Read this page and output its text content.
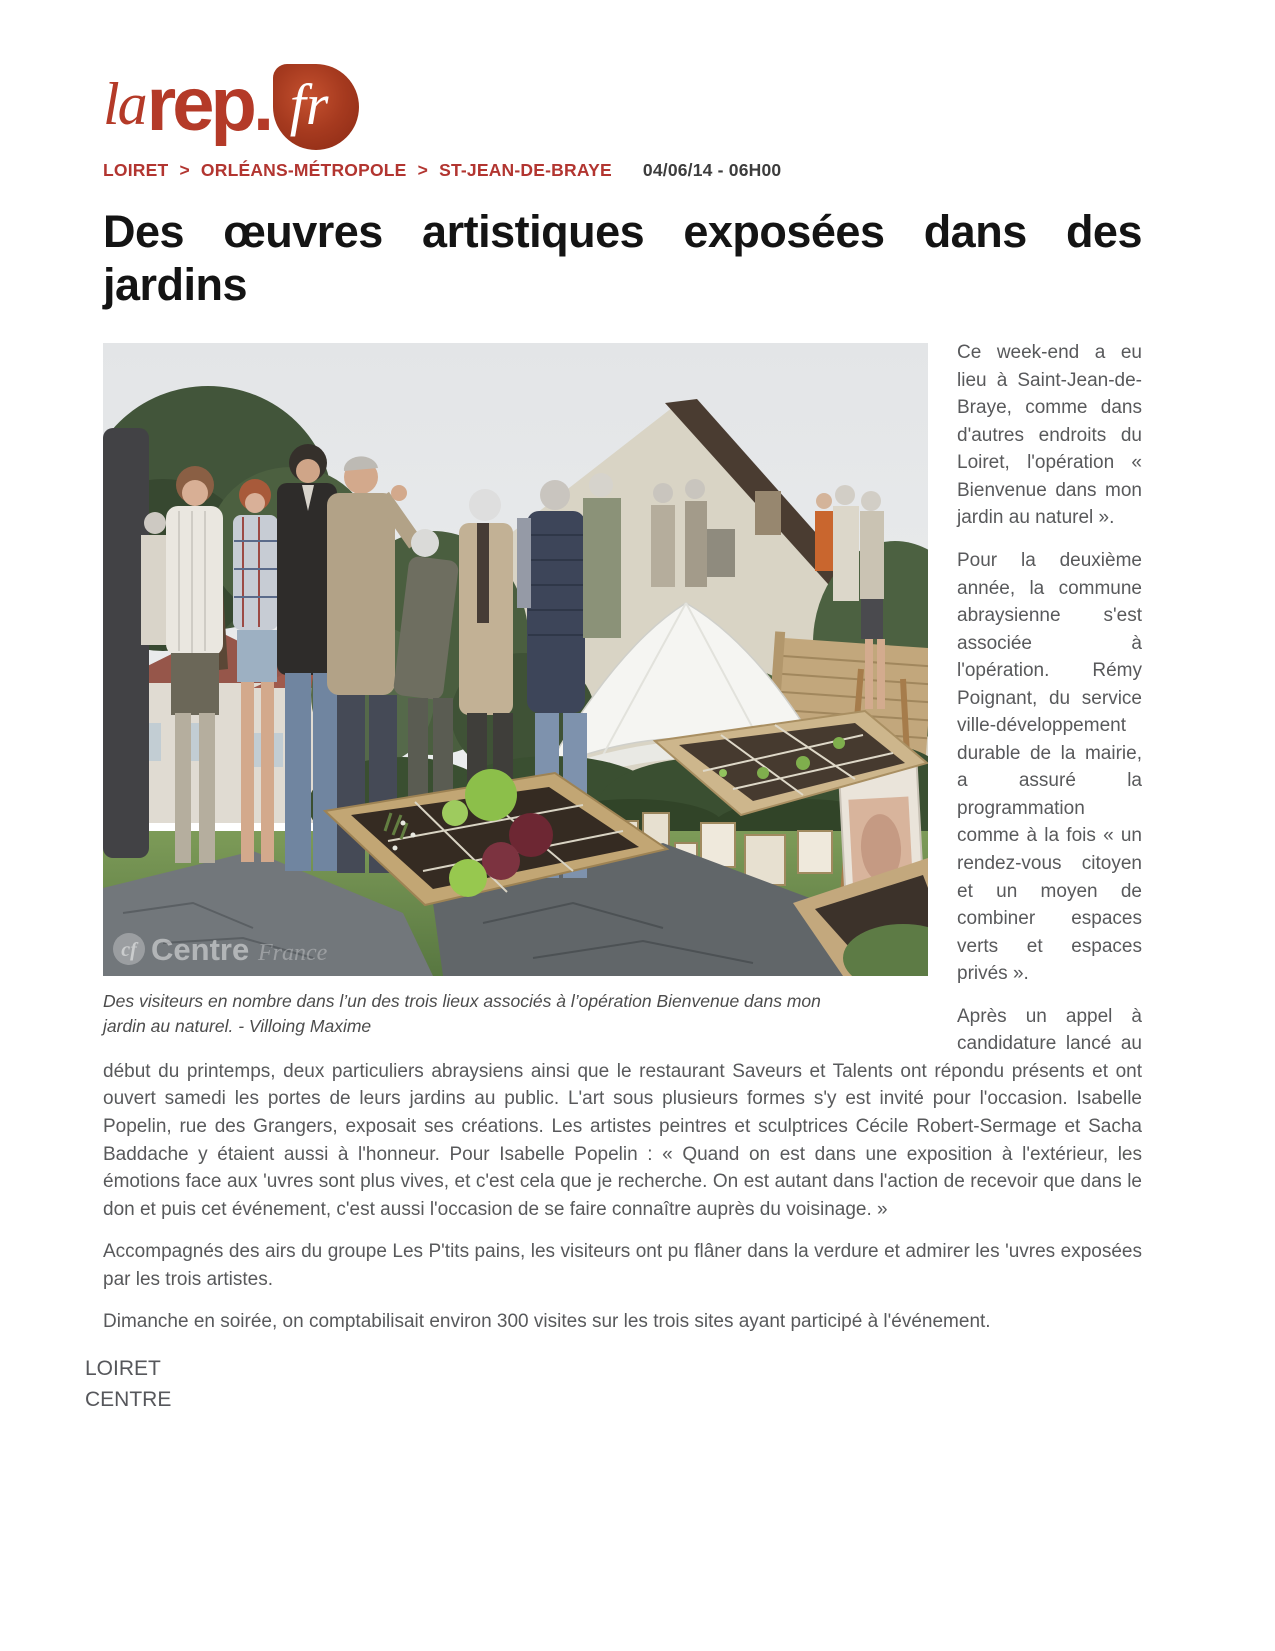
la rep. fr
LOIRET > ORLÉANS-MÉTROPOLE > ST-JEAN-DE-BRAYE 04/06/14 - 06H00
Des œuvres artistiques exposées dans des jardins
cf Centre France
Des visiteurs en nombre dans l’un des trois lieux associés à l’opération Bienvenue dans mon jardin au naturel. - Villoing Maxime

Ce week-end a eu lieu à Saint-Jean-de-Braye, comme dans d'autres endroits du Loiret, l'opération « Bienvenue dans mon jardin au naturel ».

Pour la deuxième année, la commune abraysienne s'est associée à l'opération. Rémy Poignant, du service ville-développement durable de la mairie, a assuré la programmation comme à la fois « un rendez-vous citoyen et un moyen de combiner espaces verts et espaces privés ».

Après un appel à candidature lancé au début du printemps, deux particuliers abraysiens ainsi que le restaurant Saveurs et Talents ont répondu présents et ont ouvert samedi les portes de leurs jardins au public. L'art sous plusieurs formes s'y est invité pour l'occasion. Isabelle Popelin, rue des Grangers, exposait ses créations. Les artistes peintres et sculptrices Cécile Robert-Sermage et Sacha Baddache y étaient aussi à l'honneur. Pour Isabelle Popelin : « Quand on est dans une exposition à l'extérieur, les émotions face aux 'uvres sont plus vives, et c'est cela que je recherche. On est autant dans l'action de recevoir que dans le don et puis cet événement, c'est aussi l'occasion de se faire connaître auprès du voisinage. »

Accompagnés des airs du groupe Les P'tits pains, les visiteurs ont pu flâner dans la verdure et admirer les 'uvres exposées par les trois artistes.

Dimanche en soirée, on comptabilisait environ 300 visites sur les trois sites ayant participé à l'événement.

LOIRET
CENTRE
